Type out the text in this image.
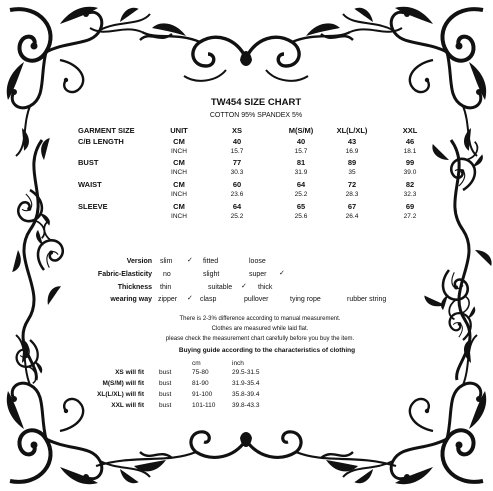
TW454 SIZE CHART
COTTON 95% SPANDEX 5%
GARMENT SIZE	UNIT	XS	M(S/M)	XL(L/XL)	XXL
C/B LENGTH	CM	40	40	43	46
INCH	15.7	15.7	16.9	18.1
BUST	CM	77	81	89	99
INCH	30.3	31.9	35	39.0
WAIST	CM	60	64	72	82
INCH	23.6	25.2	28.3	32.3
SLEEVE	CM	64	65	67	69
INCH	25.2	25.6	26.4	27.2
Version slim ✓ fitted	loose
Fabric-Elasticity no	slight	super ✓
Thickness thin	suitable ✓ thick
wearing way zipper ✓ clasp	pullover	tying rope	rubber string
There is 2-3% difference according to manual measurement.
Clothes are measured while laid flat.
please check the measurement chart carefully before you buy the item.
Buying guide according to the characteristics of clothing
cm	inch
XS will fit bust	75-80	29.5-31.5
M(S/M) will fit bust	81-90	31.9-35.4
XL(L/XL) will fit bust	91-100	35.8-39.4
XXL will fit bust	101-110	39.8-43.3
